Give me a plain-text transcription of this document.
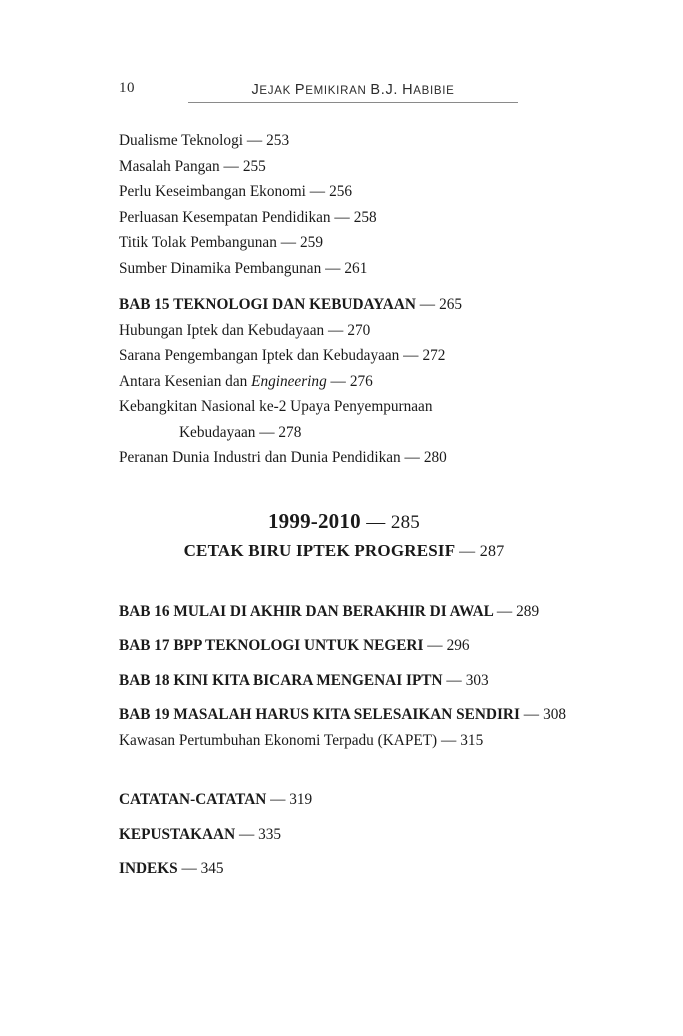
10	JEJAK PEMIKIRAN B.J. HABIBIE
Dualisme Teknologi — 253
Masalah Pangan — 255
Perlu Keseimbangan Ekonomi — 256
Perluasan Kesempatan Pendidikan — 258
Titik Tolak Pembangunan — 259
Sumber Dinamika Pembangunan — 261
BAB 15 TEKNOLOGI DAN KEBUDAYAAN — 265
Hubungan Iptek dan Kebudayaan — 270
Sarana Pengembangan Iptek dan Kebudayaan — 272
Antara Kesenian dan Engineering — 276
Kebangkitan Nasional ke-2 Upaya Penyempurnaan
Kebudayaan — 278
Peranan Dunia Industri dan Dunia Pendidikan — 280
1999-2010 — 285
CETAK BIRU IPTEK PROGRESIF — 287
BAB 16 MULAI DI AKHIR DAN BERAKHIR DI AWAL — 289
BAB 17 BPP TEKNOLOGI UNTUK NEGERI — 296
BAB 18 KINI KITA BICARA MENGENAI IPTN — 303
BAB 19 MASALAH HARUS KITA SELESAIKAN SENDIRI — 308
Kawasan Pertumbuhan Ekonomi Terpadu (KAPET) — 315
CATATAN-CATATAN — 319
KEPUSTAKAAN — 335
INDEKS — 345
